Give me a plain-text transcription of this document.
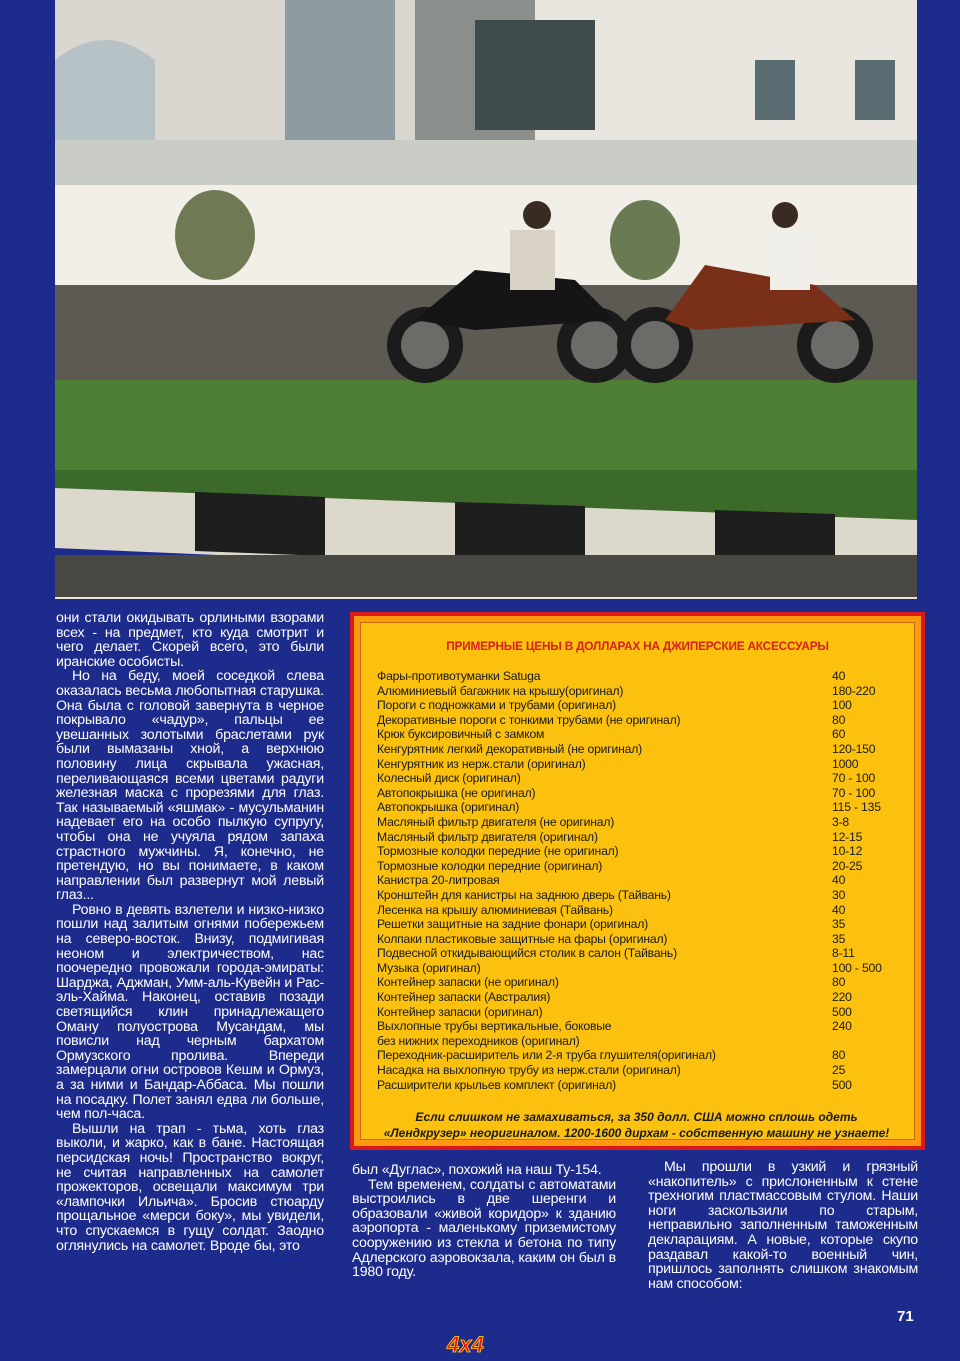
они стали окидывать орлиными взорами всех - на предмет, кто куда смотрит и чего делает. Скорей всего, это были иранские особисты.

Но на беду, моей соседкой слева оказалась весьма любопытная старушка. Она была с головой завернута в черное покрывало «чадур», пальцы ее увешанных золотыми браслетами рук были вымазаны хной, а верхнюю половину лица скрывала ужасная, переливающаяся всеми цветами радуги железная маска с прорезями для глаз. Так называемый «яшмак» - мусульманин надевает его на особо пылкую супругу, чтобы она не учуяла рядом запаха страстного мужчины. Я, конечно, не претендую, но вы понимаете, в каком направлении был развернут мой левый глаз...

Ровно в девять взлетели и низко-низко пошли над залитым огнями побережьем на северо-восток. Внизу, подмигивая неоном и электричеством, нас поочередно провожали города-эмираты: Шарджа, Аджман, Умм-аль-Кувейн и Рас-эль-Хайма. Наконец, оставив позади светящийся клин принадлежащего Оману полуострова Мусандам, мы повисли над черным бархатом Ормузского пролива. Впереди замерцали огни островов Кешм и Ормуз, а за ними и Бандар-Аббаса. Мы пошли на посадку. Полет занял едва ли больше, чем пол-часа.

Вышли на трап - тьма, хоть глаз выколи, и жарко, как в бане. Настоящая персидская ночь! Пространство вокруг, не считая направленных на самолет прожекторов, освещали максимум три «лампочки Ильича». Бросив стюарду прощальное «мерси боку», мы увидели, что спускаемся в гущу солдат. Заодно оглянулись на самолет. Вроде бы, это

ПРИМЕРНЫЕ ЦЕНЫ В ДОЛЛАРАХ НА ДЖИПЕРСКИЕ АКСЕССУАРЫ
Фары-противотуманки Satuga	40
Алюминиевый багажник на крышу(оригинал)	180-220
Пороги с подножками и трубами (оригинал)	100
Декоративные пороги с тонкими трубами (не оригинал)	80
Крюк буксировичный с замком	60
Кенгурятник легкий декоративный (не оригинал)	120-150
Кенгурятник из нерж.стали (оригинал)	1000
Колесный диск (оригинал)	70 - 100
Автопокрышка (не оригинал)	70 - 100
Автопокрышка (оригинал)	115 - 135
Масляный фильтр двигателя (не оригинал)	3-8
Масляный фильтр двигателя (оригинал)	12-15
Тормозные колодки передние (не оригинал)	10-12
Тормозные колодки передние (оригинал)	20-25
Канистра 20-литровая	40
Кронштейн для канистры на заднюю дверь (Тайвань)	30
Лесенка на крышу алюминиевая (Тайвань)	40
Решетки защитные на задние фонари (оригинал)	35
Колпаки пластиковые защитные на фары (оригинал)	35
Подвесной откидывающийся столик в салон (Тайвань)	8-11
Музыка (оригинал)	100 - 500
Контейнер запаски (не оригинал)	80
Контейнер запаски (Австралия)	220
Контейнер запаски (оригинал)	500
Выхлопные трубы вертикальные, боковые	240
без нижних переходников (оригинал)
Переходник-расширитель или 2-я труба глушителя(оригинал)	80
Насадка на выхлопную трубу из нерж.стали (оригинал)	25
Расширители крыльев комплект (оригинал)	500
Если слишком не замахиваться, за 350 долл. США можно сплошь одеть «Лендкрузер» неоригиналом. 1200-1600 дирхам - собственную машину не узнаете!

был «Дуглас», похожий на наш Ту-154.

Тем временем, солдаты с автоматами выстроились в две шеренги и образовали «живой коридор» к зданию аэропорта - маленькому приземистому сооружению из стекла и бетона по типу Адлерского аэровокзала, каким он был в 1980 году.

Мы прошли в узкий и грязный «накопитель» с прислоненным к стене трехногим пластмассовым стулом. Наши ноги заскользили по старым, неправильно заполненным таможенным декларациям. А новые, которые скупо раздавал какой-то военный чин, пришлось заполнять слишком знакомым нам способом:

71
4x4
